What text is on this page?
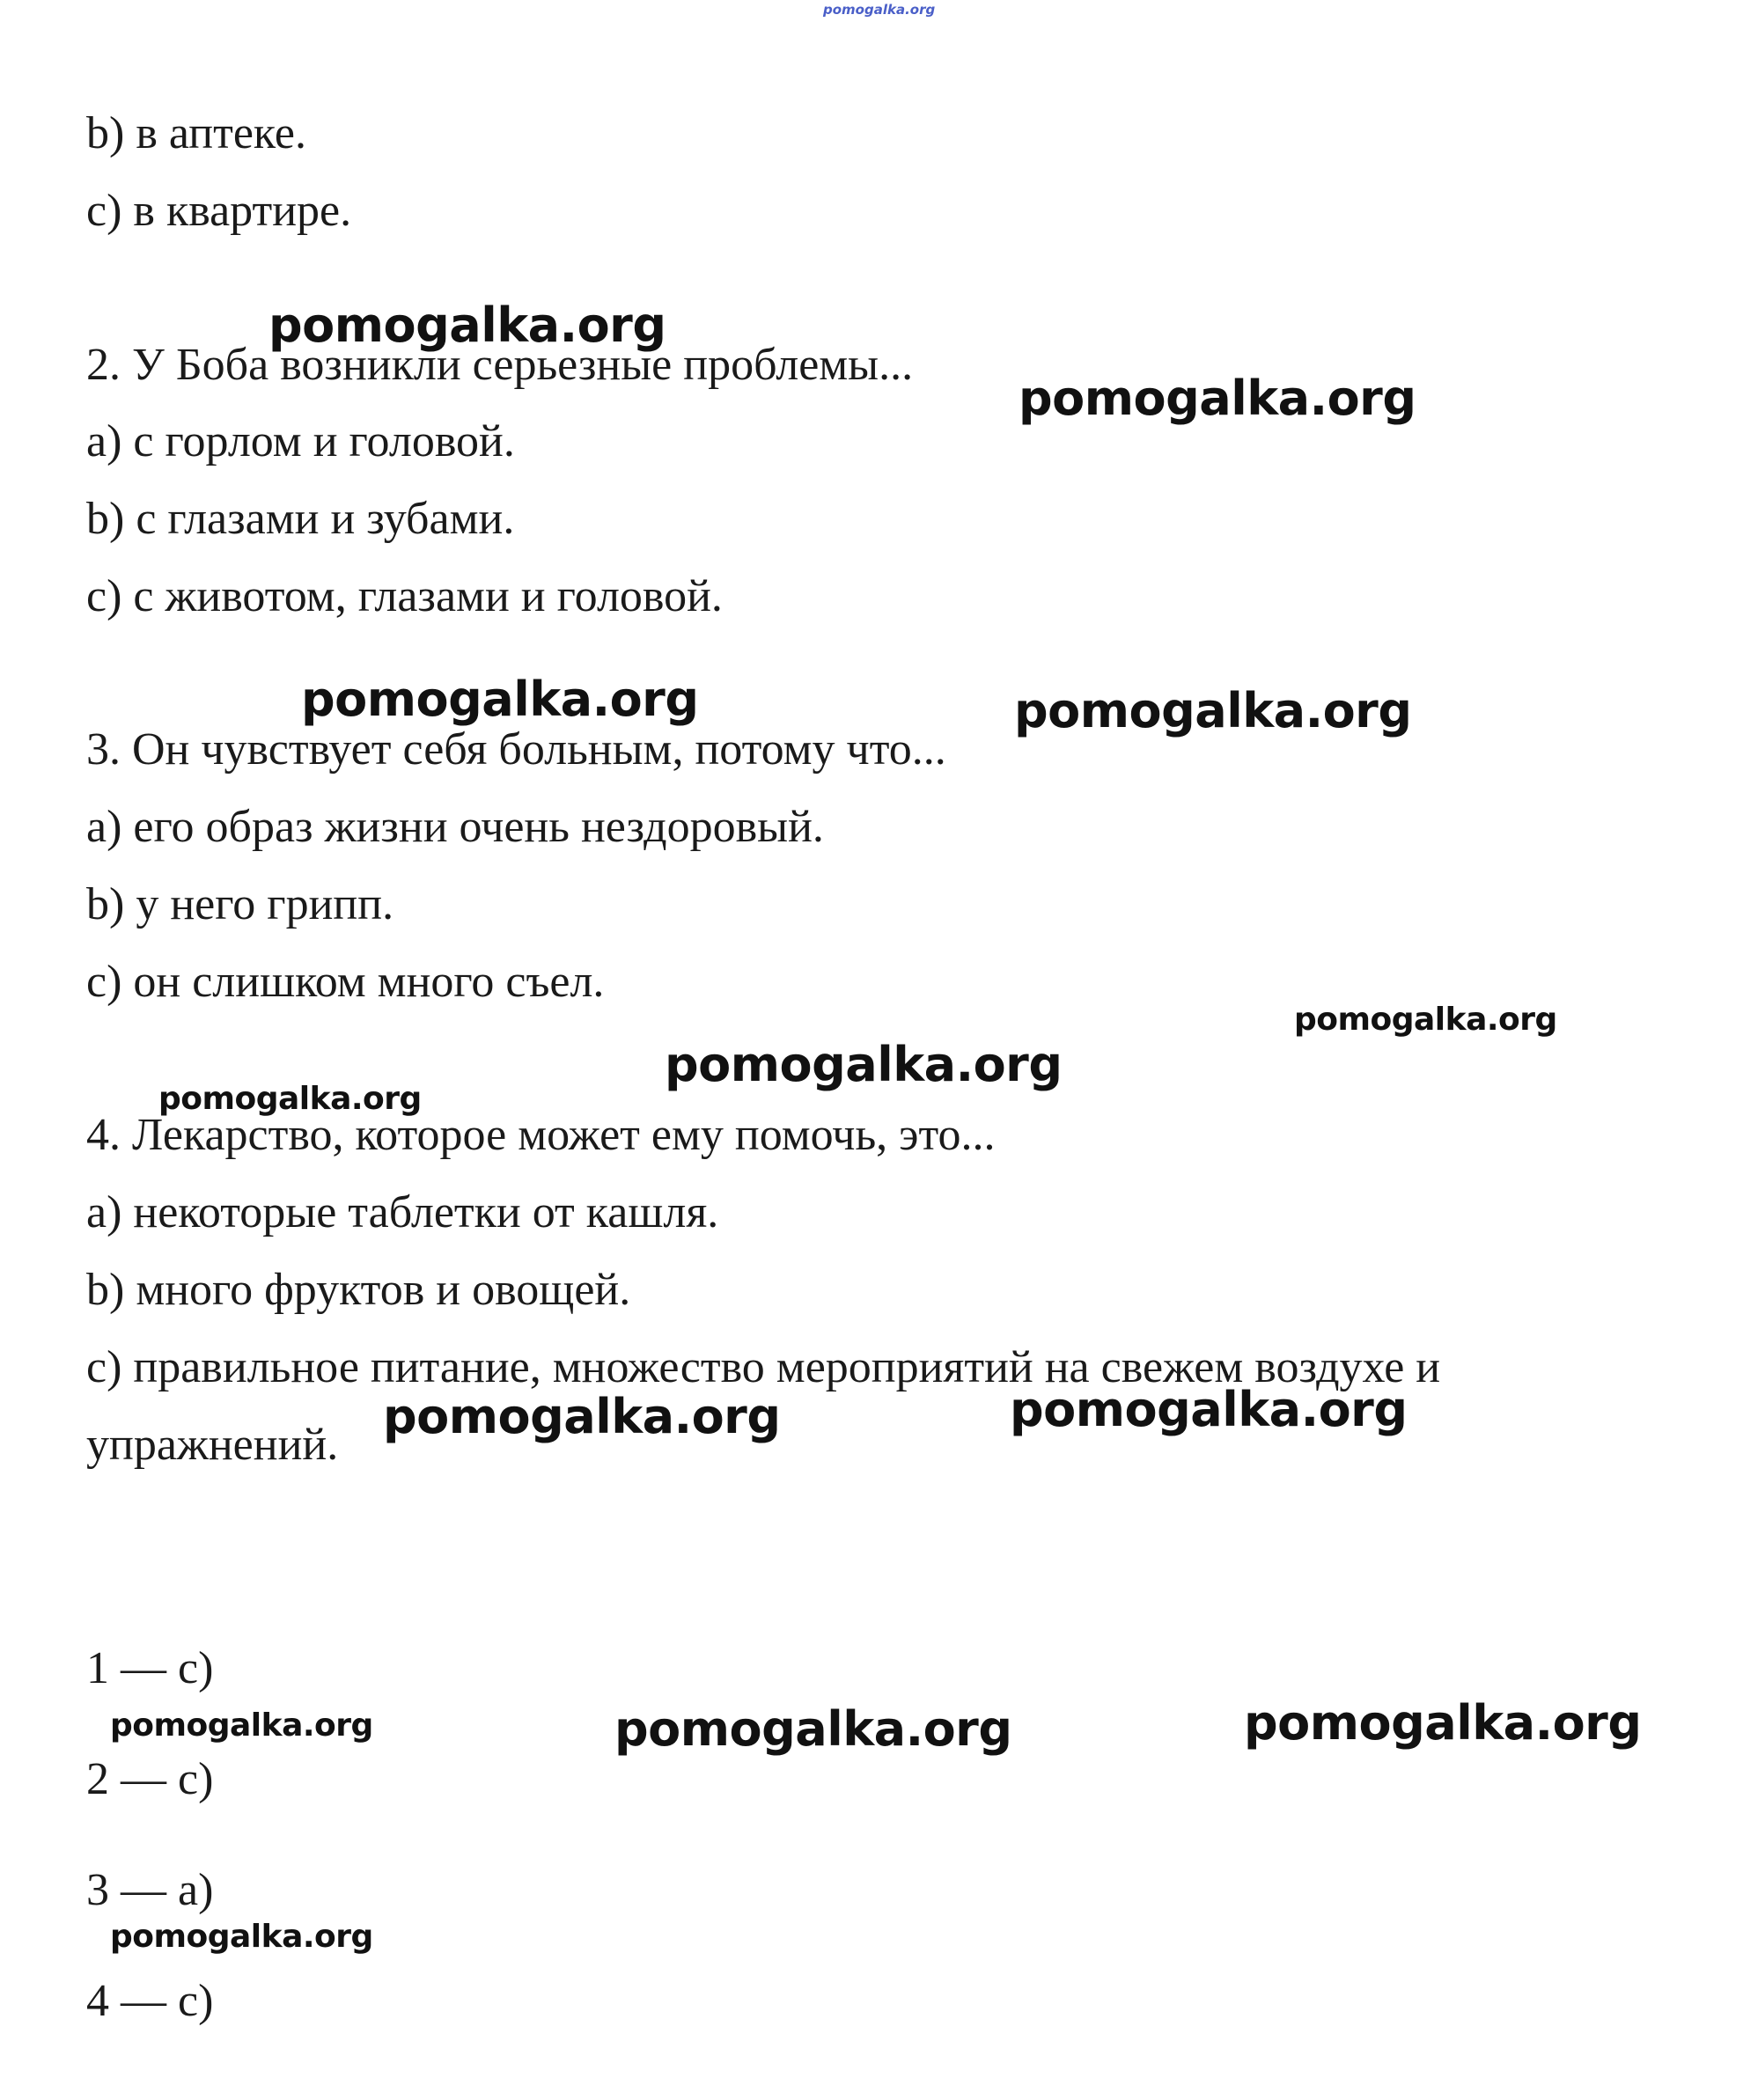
pomogalka.org
b) в аптеке.
c) в квартире.
2. У Боба возникли серьезные проблемы...
a) с горлом и головой.
b) с глазами и зубами.
c) с животом, глазами и головой.
3. Он чувствует себя больным, потому что...
a) его образ жизни очень нездоровый.
b) у него грипп.
c) он слишком много съел.
4. Лекарство, которое может ему помочь, это...
a) некоторые таблетки от кашля.
b) много фруктов и овощей.
c) правильное питание, множество мероприятий на свежем воздухе и
упражнений.
1 — с)
2 — с)
3 — а)
4 — с)
pomogalka.org
pomogalka.org
pomogalka.org	pomogalka.org
pomogalka.org
pomogalka.org
pomogalka.org
pomogalka.org	pomogalka.org
pomogalka.org	pomogalka.org	pomogalka.org
pomogalka.org
